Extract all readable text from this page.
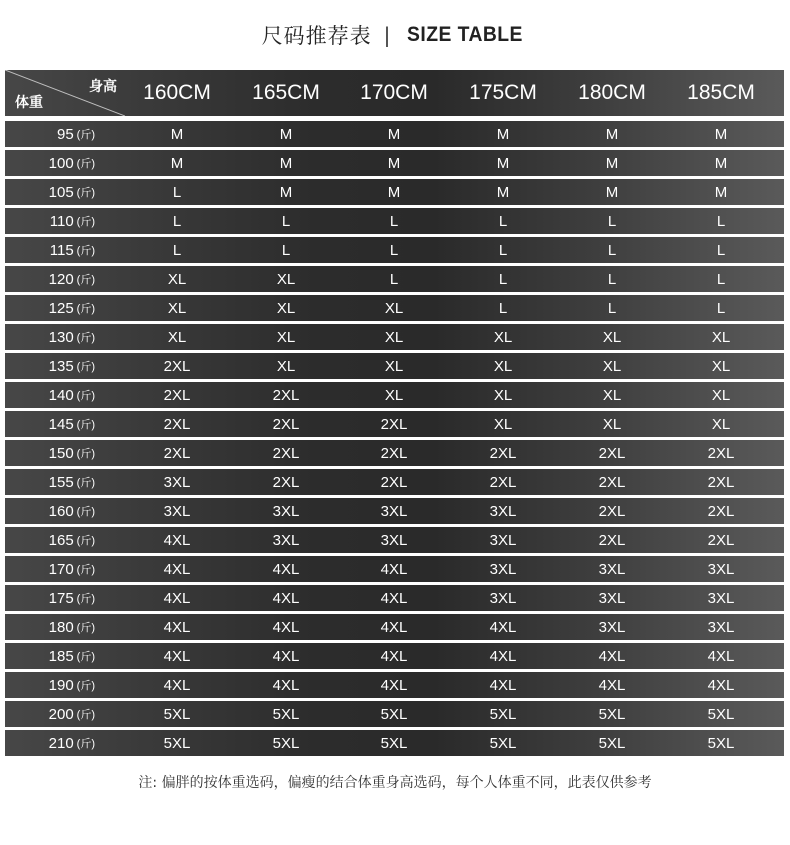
尺码推荐表 | SIZE TABLE
身高
体重	160CM	165CM	170CM	175CM	180CM	185CM
95 (斤)	M	M	M	M	M	M
100 (斤)	M	M	M	M	M	M
105 (斤)	L	M	M	M	M	M
110 (斤)	L	L	L	L	L	L
115 (斤)	L	L	L	L	L	L
120 (斤)	XL	XL	L	L	L	L
125 (斤)	XL	XL	XL	L	L	L
130 (斤)	XL	XL	XL	XL	XL	XL
135 (斤)	2XL	XL	XL	XL	XL	XL
140 (斤)	2XL	2XL	XL	XL	XL	XL
145 (斤)	2XL	2XL	2XL	XL	XL	XL
150 (斤)	2XL	2XL	2XL	2XL	2XL	2XL
155 (斤)	3XL	2XL	2XL	2XL	2XL	2XL
160 (斤)	3XL	3XL	3XL	3XL	2XL	2XL
165 (斤)	4XL	3XL	3XL	3XL	2XL	2XL
170 (斤)	4XL	4XL	4XL	3XL	3XL	3XL
175 (斤)	4XL	4XL	4XL	3XL	3XL	3XL
180 (斤)	4XL	4XL	4XL	4XL	3XL	3XL
185 (斤)	4XL	4XL	4XL	4XL	4XL	4XL
190 (斤)	4XL	4XL	4XL	4XL	4XL	4XL
200 (斤)	5XL	5XL	5XL	5XL	5XL	5XL
210 (斤)	5XL	5XL	5XL	5XL	5XL	5XL
注: 偏胖的按体重选码，偏瘦的结合体重身高选码，每个人体重不同，此表仅供参考
